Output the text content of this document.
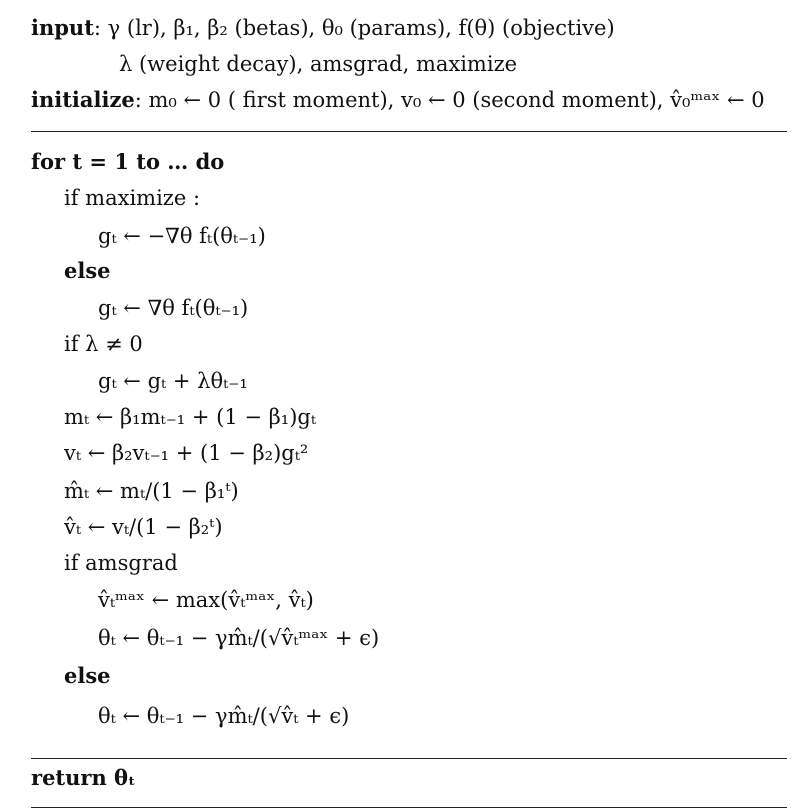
input: γ (lr), β₁, β₂ (betas), θ₀ (params), f(θ) (objective)
λ (weight decay), amsgrad, maximize
initialize: m₀ ← 0 ( first moment), v₀ ← 0 (second moment), v̂₀ᵐᵃˣ ← 0
for t = 1 to … do
if maximize :
gₜ ← −∇θ fₜ(θₜ₋₁)
else
gₜ ← ∇θ fₜ(θₜ₋₁)
if λ ≠ 0
gₜ ← gₜ + λθₜ₋₁
mₜ ← β₁mₜ₋₁ + (1 − β₁)gₜ
vₜ ← β₂vₜ₋₁ + (1 − β₂)gₜ²
m̂ₜ ← mₜ/(1 − β₁ᵗ)
v̂ₜ ← vₜ/(1 − β₂ᵗ)
if amsgrad
v̂ₜᵐᵃˣ ← max(v̂ₜᵐᵃˣ, v̂ₜ)
θₜ ← θₜ₋₁ − γm̂ₜ/(√v̂ₜᵐᵃˣ + ϵ)
else
θₜ ← θₜ₋₁ − γm̂ₜ/(√v̂ₜ + ϵ)
return θₜ
